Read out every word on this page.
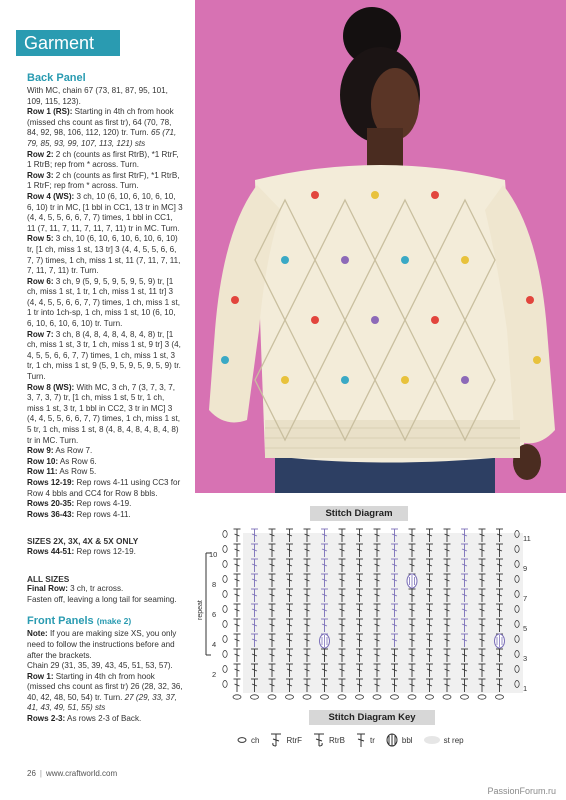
Garment
Back Panel

With MC, chain 67 (73, 81, 87, 95, 101, 109, 115, 123).

Row 1 (RS): Starting in 4th ch from hook (missed chs count as first tr), 64 (70, 78, 84, 92, 98, 106, 112, 120) tr. Turn. 65 (71, 79, 85, 93, 99, 107, 113, 121) sts

Row 2: 2 ch (counts as first RtrB), *1 RtrF, 1 RtrB; rep from * across. Turn.

Row 3: 2 ch (counts as first RtrF), *1 RtrB, 1 RtrF; rep from * across. Turn.

Row 4 (WS): 3 ch, 10 (6, 10, 6, 10, 6, 10, 6, 10) tr in MC, [1 bbl in CC1, 13 tr in MC] 3 (4, 4, 5, 5, 6, 6, 7, 7) times, 1 bbl in CC1, 11 (7, 11, 7, 11, 7, 11, 7, 11) tr in MC. Turn.

Row 5: 3 ch, 10 (6, 10, 6, 10, 6, 10, 6, 10) tr, [1 ch, miss 1 st, 13 tr] 3 (4, 4, 5, 5, 6, 6, 7, 7) times, 1 ch, miss 1 st, 11 (7, 11, 7, 11, 7, 11, 7, 11) tr. Turn.

Row 6: 3 ch, 9 (5, 9, 5, 9, 5, 9, 5, 9) tr, [1 ch, miss 1 st, 1 tr, 1 ch, miss 1 st, 11 tr] 3 (4, 4, 5, 5, 6, 6, 7, 7) times, 1 ch, miss 1 st, 1 tr into 1ch-sp, 1 ch, miss 1 st, 10 (6, 10, 6, 10, 6, 10, 6, 10) tr. Turn.

Row 7: 3 ch, 8 (4, 8, 4, 8, 4, 8, 4, 8) tr, [1 ch, miss 1 st, 3 tr, 1 ch, miss 1 st, 9 tr] 3 (4, 4, 5, 5, 6, 6, 7, 7) times, 1 ch, miss 1 st, 3 tr, 1 ch, miss 1 st, 9 (5, 9, 5, 9, 5, 9, 5, 9) tr. Turn.

Row 8 (WS): With MC, 3 ch, 7 (3, 7, 3, 7, 3, 7, 3, 7) tr, [1 ch, miss 1 st, 5 tr, 1 ch, miss 1 st, 3 tr, 1 bbl in CC2, 3 tr in MC] 3 (4, 4, 5, 5, 6, 6, 7, 7) times, 1 ch, miss 1 st, 5 tr, 1 ch, miss 1 st, 8 (4, 8, 4, 8, 4, 8, 4, 8) tr in MC. Turn.

Row 9: As Row 7.

Row 10: As Row 6.

Row 11: As Row 5.

Rows 12-19: Rep rows 4-11 using CC3 for Row 4 bbls and CC4 for Row 8 bbls.

Rows 20-35: Rep rows 4-19.

Rows 36-43: Rep rows 4-11.

SIZES 2X, 3X, 4X & 5X ONLY

Rows 44-51: Rep rows 12-19.

ALL SIZES

Final Row: 3 ch, tr across.

Fasten off, leaving a long tail for seaming.

Front Panels (make 2)

Note: If you are making size XS, you only need to follow the instructions before and after the brackets.

Chain 29 (31, 35, 39, 43, 45, 51, 53, 57).

Row 1: Starting in 4th ch from hook (missed chs count as first tr) 26 (28, 32, 36, 40, 42, 48, 50, 54) tr. Turn. 27 (29, 33, 37, 41, 43, 49, 51, 55) sts

Rows 2-3: As rows 2-3 of Back.

Stitch Diagram
repeat
10
8
6
4
2
11
9
7
5
3
1
Stitch Diagram Key
ch	RtrF	RtrB	tr	bbl	st rep
26 | www.craftworld.com
PassionForum.ru
